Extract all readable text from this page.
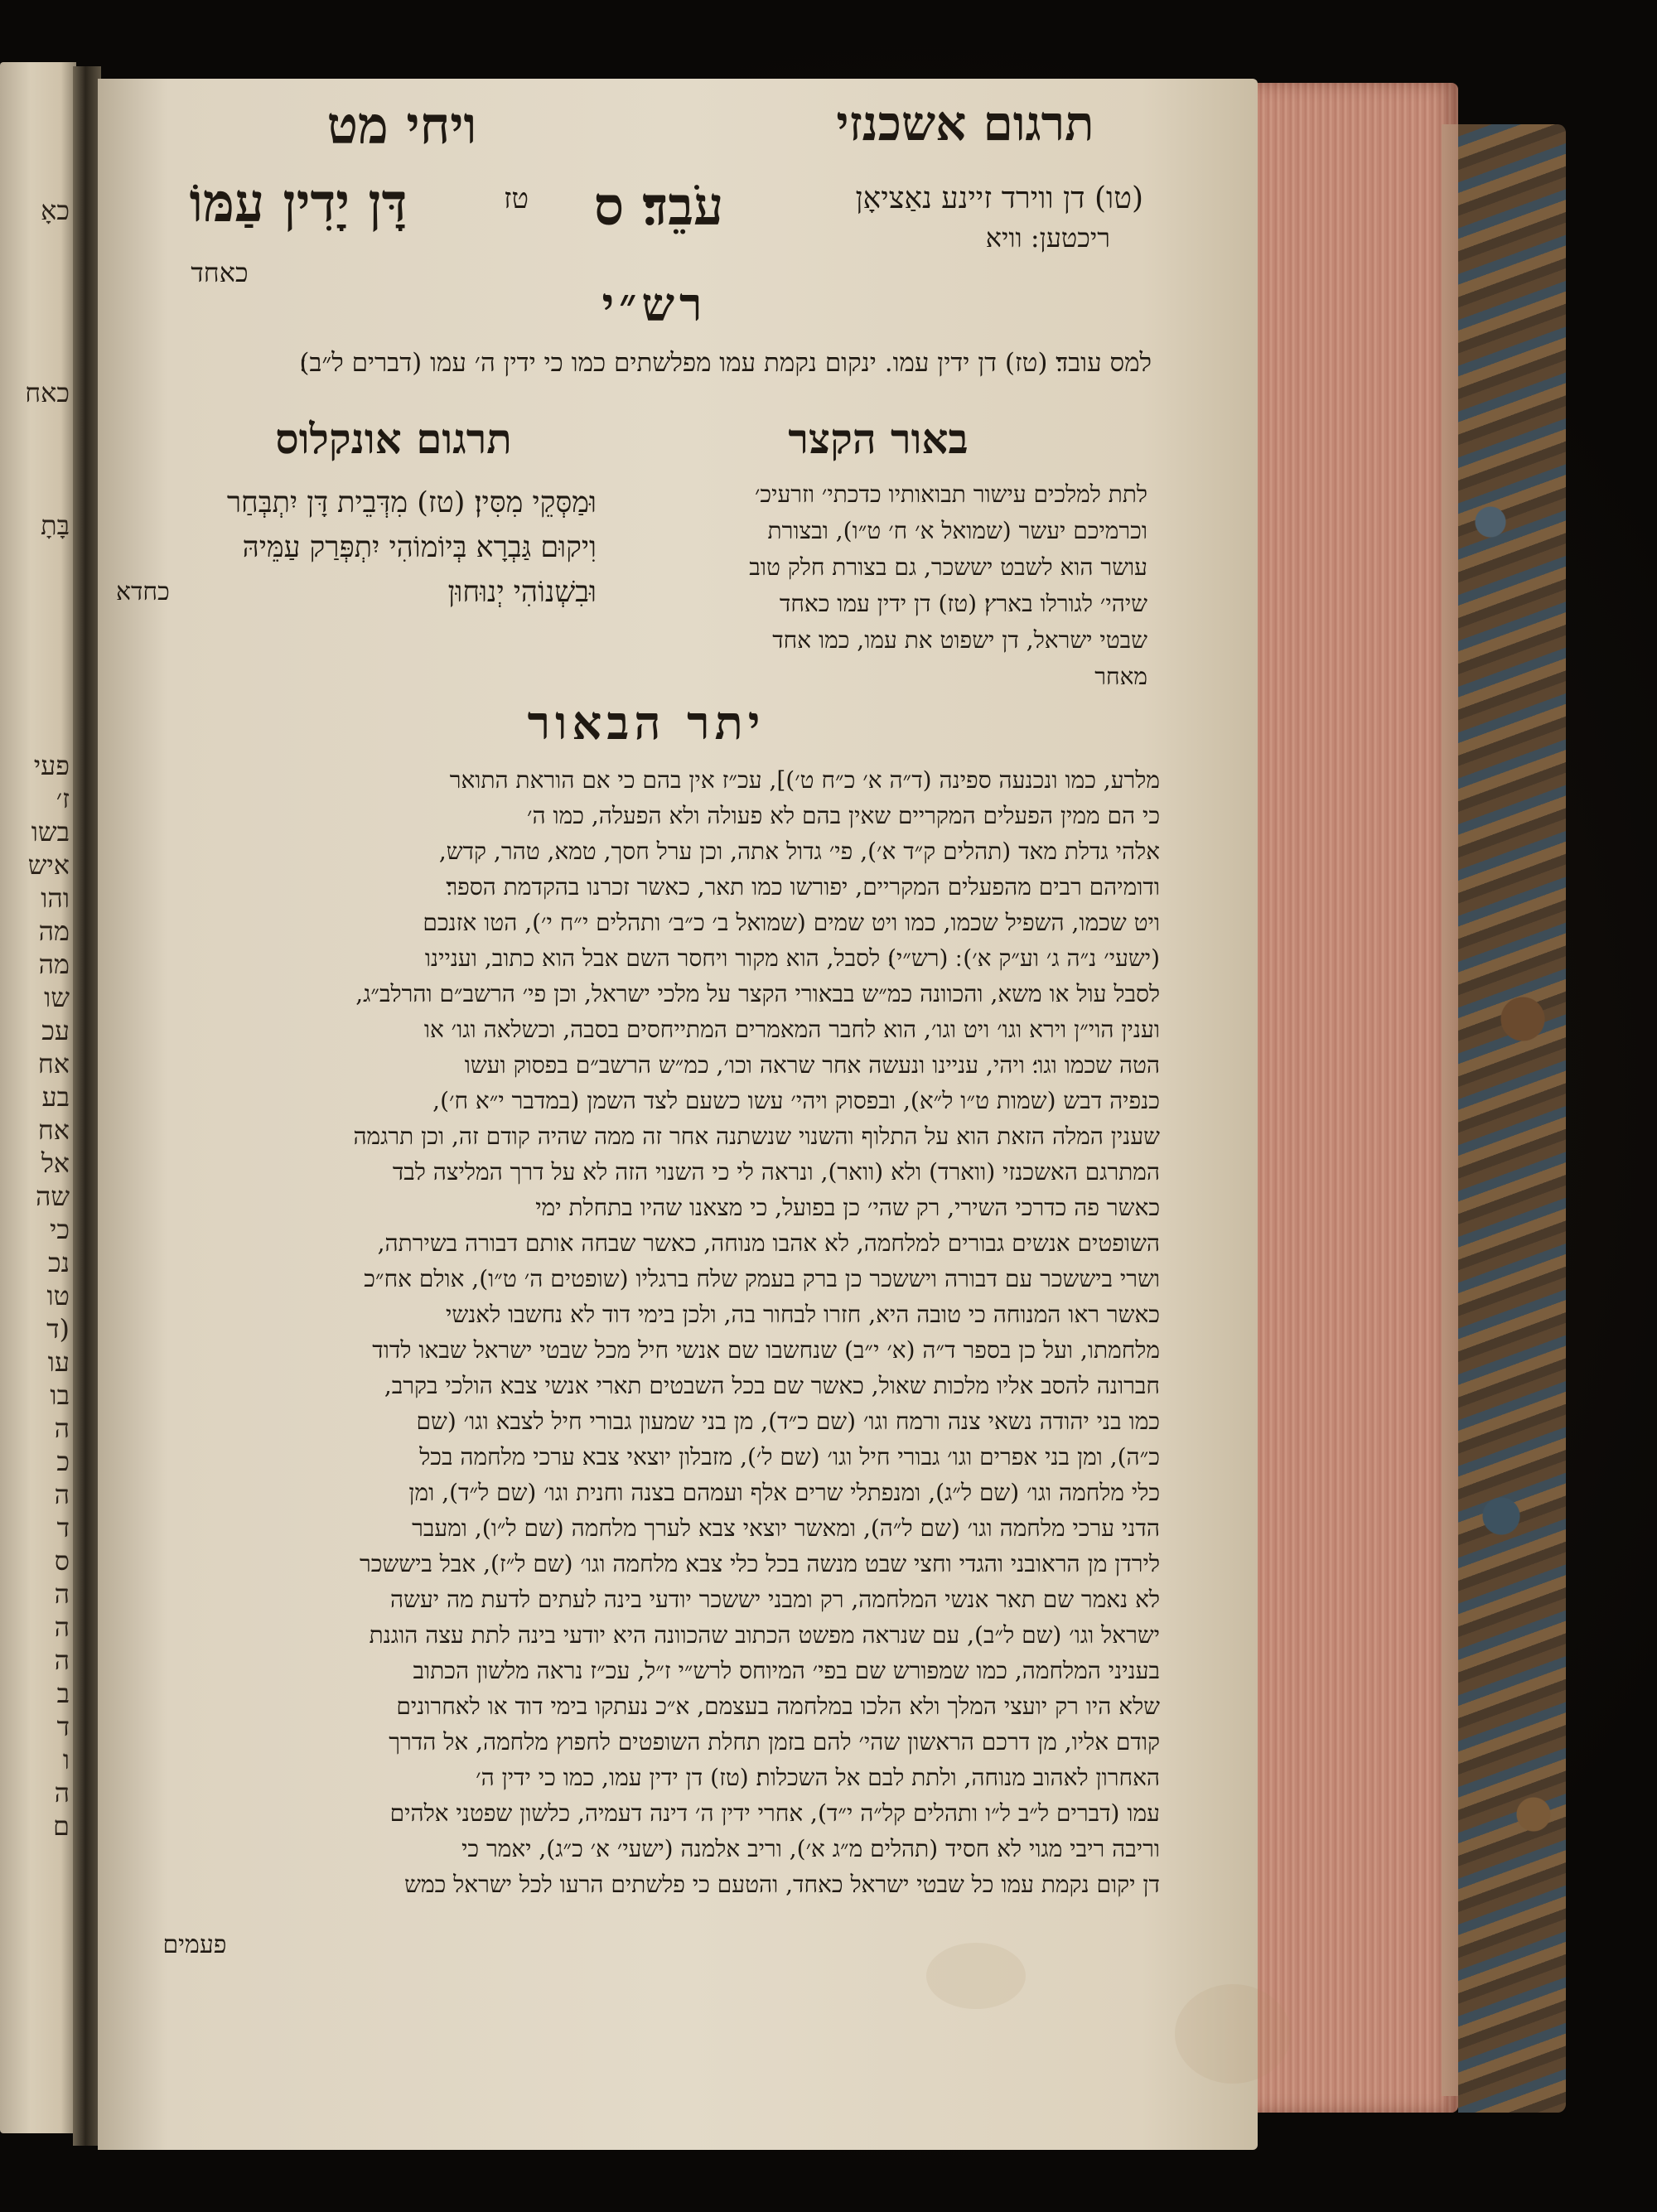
כאָ
כאח
בָּתָ
פעי
ז׳
בשו
איש
והו
מה
מה
שו
עכ
אח
בע
אח
אל
שה
כי
נכ
טו
(ד
עו
בו
ה
כ
ה
ד
ס
ה
ה
ה
ב
ד
ו
ה
ם
תרגום אשכנזי
ויחי מט
(טו) דן ווירד זיינע נאַציאָן
ריכטען: וויא
עֹבֵד׃ ס
טז
דָּן יָדִין עַמּוֹ
כאחד
רש״י
למס עובד׃ (טז) דן ידין עמו. ינקום נקמת עמו מפלשתים כמו כי ידין ה׳ עמו (דברים ל״ב)׃
באור הקצר
תרגום אונקלוס
לתת למלכים עישור תבואותיו כדכתי׳ וזרעיכ׳
וכרמיכם יעשר (שמואל א׳ ח׳ ט״ו), ובצורת
עושר הוא לשבט יששכר, גם בצורת חלק טוב
שיהי׳ לגורלו בארץ׃ (טז) דן ידין עמו כאחד
שבטי ישראל, דן ישפוט את עמו, כמו אחד
מאחר
וּמַסְּקֵי מִסִּין׃ (טז) מִדְּבֵית דָּן יִתְבְּחַר
וִיקוּם גַּבְרָא בְּיוֹמוֹהִי יִתְפְּרַק עַמֵּיהּ
וּבִשְׁנוֹהִי יְנוּחוּן
כחדא
יתר הבאור
מלרע, כמו ונכנעה ספינה (ד״ה א׳ כ״ח ט׳)], עכ״ז אין בהם כי אם הוראת התואר
כי הם ממין הפעלים המקריים שאין בהם לא פעולה ולא הפעלה, כמו ה׳
אלהי גדלת מאד (תהלים ק״ד א׳), פי׳ גדול אתה, וכן ערל חסך, טמא, טהר, קדש,
ודומיהם רבים מהפעלים המקריים, יפורשו כמו תאר, כאשר זכרנו בהקדמת הספר׃
ויט שכמו, השפיל שכמו, כמו ויט שמים (שמואל ב׳ כ״ב׳ ותהלים י״ח י׳), הטו אזנכם
(ישעי׳ נ״ה ג׳ וע״ק א׳) ׃ (רש״י)׃ לסבל, הוא מקור ויחסר השם אבל הוא כתוב, ועניינו
לסבל עול או משא, והכוונה כמ״ש בבאורי הקצר על מלכי ישראל, וכן פי׳ הרשב״ם והרלב״ג,
וענין הוי״ן וירא וגו׳ ויט וגו׳, הוא לחבר המאמרים המתייחסים בסבה, וכשלאה וגו׳ או
הטה שכמו וגו׳׃ ויהי, עניינו ונעשה אחר שראה וכו׳, כמ״ש הרשב״ם בפסוק ועשו
כנפיה דבש (שמות ט״ו ל״א), ובפסוק ויהי׳ עשו כשעם לצד השמן (במדבר י״א ח׳),
שענין המלה הזאת הוא על התלוף והשנוי שנשתנה אחר זה ממה שהיה קודם זה, וכן תרגמה
המתרגם האשכנזי (ווארד) ולא (וואר), ונראה לי כי השנוי הזה לא על דרך המליצה לבד
כאשר פה כדרכי השירי, רק שהי׳ כן בפועל, כי מצאנו שהיו בתחלת ימי
השופטים אנשים גבורים למלחמה, לא אהבו מנוחה, כאשר שבחה אותם דבורה בשירתה,
ושרי ביששכר עם דבורה ויששכר כן ברק בעמק שלח ברגליו (שופטים ה׳ ט״ו), אולם אח״כ
כאשר ראו המנוחה כי טובה היא, חזרו לבחור בה, ולכן בימי דוד לא נחשבו לאנשי
מלחמתו, ועל כן בספר ד״ה (א׳ י״ב) שנחשבו שם אנשי חיל מכל שבטי ישראל שבאו לדוד
חברונה להסב אליו מלכות שאול, כאשר שם בכל השבטים תארי אנשי צבא הולכי בקרב,
כמו בני יהודה נשאי צנה ורמח וגו׳ (שם כ״ד), מן בני שמעון גבורי חיל לצבא וגו׳ (שם
כ״ה), ומן בני אפרים וגו׳ גבורי חיל וגו׳ (שם ל׳), מזבלון יוצאי צבא ערכי מלחמה בכל
כלי מלחמה וגו׳ (שם ל״ג), ומנפתלי שרים אלף ועמהם בצנה וחנית וגו׳ (שם ל״ד), ומן
הדני ערכי מלחמה וגו׳ (שם ל״ה), ומאשר יוצאי צבא לערך מלחמה (שם ל״ו), ומעבר
לירדן מן הראובני והגדי וחצי שבט מנשה בכל כלי צבא מלחמה וגו׳ (שם ל״ז), אבל ביששכר
לא נאמר שם תאר אנשי המלחמה, רק ומבני יששכר יודעי בינה לעתים לדעת מה יעשה
ישראל וגו׳ (שם ל״ב), עם שנראה מפשט הכתוב שהכוונה היא יודעי בינה לתת עצה הוגנת
בעניני המלחמה, כמו שמפורש שם בפי׳ המיוחס לרש״י ז״ל, עכ״ז נראה מלשון הכתוב
שלא היו רק יועצי המלך ולא הלכו במלחמה בעצמם, א״כ נעתקו בימי דוד או לאחרונים
קודם אליו, מן דרכם הראשון שהי׳ להם בזמן תחלת השופטים לחפוץ מלחמה, אל הדרך
האחרון לאהוב מנוחה, ולתת לבם אל השכלות׃ (טז) דן ידין עמו, כמו כי ידין ה׳
עמו (דברים ל״ב ל״ו ותהלים קל״ה י״ד), אחרי ידין ה׳ דינה דעמיה, כלשון שפטני אלהים
וריבה ריבי מגוי לא חסיד (תהלים מ״ג א׳), וריב אלמנה (ישעי׳ א׳ כ״ג), יאמר כי
דן יקום נקמת עמו כל שבטי ישראל כאחד, והטעם כי פלשתים הרעו לכל ישראל כמש
פעמים
